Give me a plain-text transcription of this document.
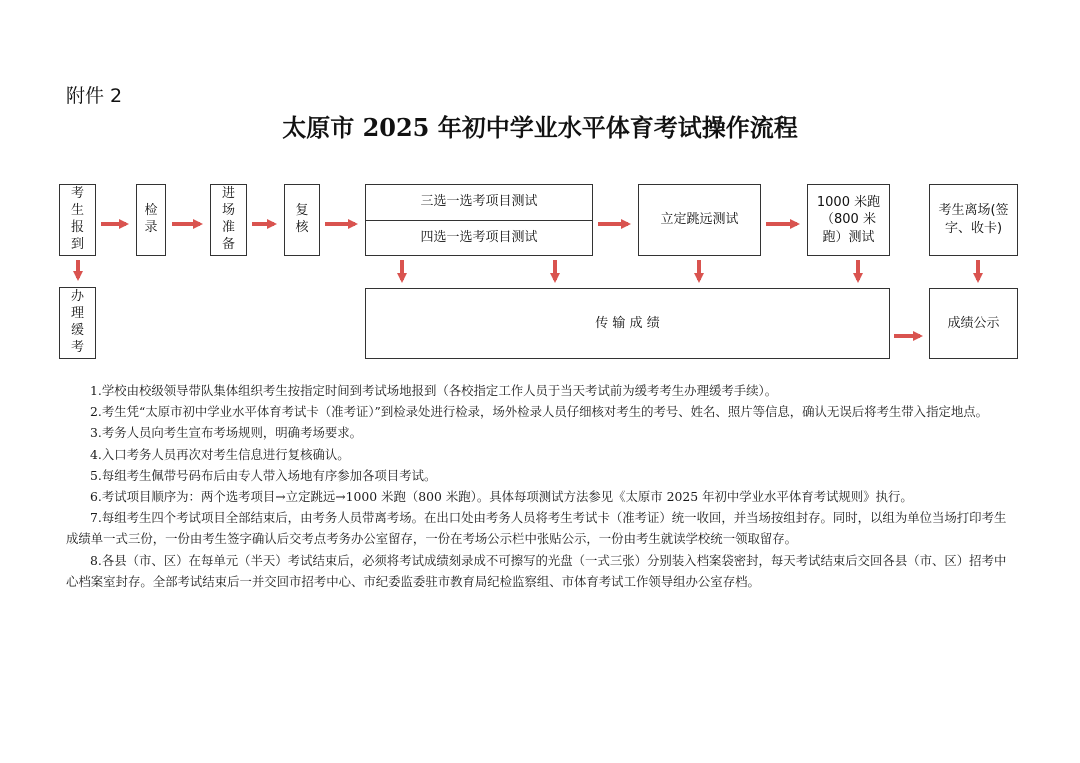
附件 2
太原市 2025 年初中学业水平体育考试操作流程
考生报到
检录
进场准备
复核
三选一选考项目测试
四选一选考项目测试
立定跳远测试
1000 米跑（800 米跑）测试
考生离场(签字、收卡)
办理缓考
传 输 成 绩	成绩公示

1.学校由校级领导带队集体组织考生按指定时间到考试场地报到（各校指定工作人员于当天考试前为缓考考生办理缓考手续）。

2.考生凭“太原市初中学业水平体育考试卡（准考证）”到检录处进行检录，场外检录人员仔细核对考生的考号、姓名、照片等信息，确认无误后将考生带入指定地点。

3.考务人员向考生宣布考场规则，明确考场要求。

4.入口考务人员再次对考生信息进行复核确认。

5.每组考生佩带号码布后由专人带入场地有序参加各项目考试。

6.考试项目顺序为：两个选考项目→立定跳远→1000 米跑（800 米跑）。具体每项测试方法参见《太原市 2025 年初中学业水平体育考试规则》执行。

7.每组考生四个考试项目全部结束后，由考务人员带离考场。在出口处由考务人员将考生考试卡（准考证）统一收回，并当场按组封存。同时，以组为单位当场打印考生成绩单一式三份，一份由考生签字确认后交考点考务办公室留存，一份在考场公示栏中张贴公示，一份由考生就读学校统一领取留存。

8.各县（市、区）在每单元（半天）考试结束后，必须将考试成绩刻录成不可擦写的光盘（一式三张）分别装入档案袋密封，每天考试结束后交回各县（市、区）招考中心档案室封存。全部考试结束后一并交回市招考中心、市纪委监委驻市教育局纪检监察组、市体育考试工作领导组办公室存档。
